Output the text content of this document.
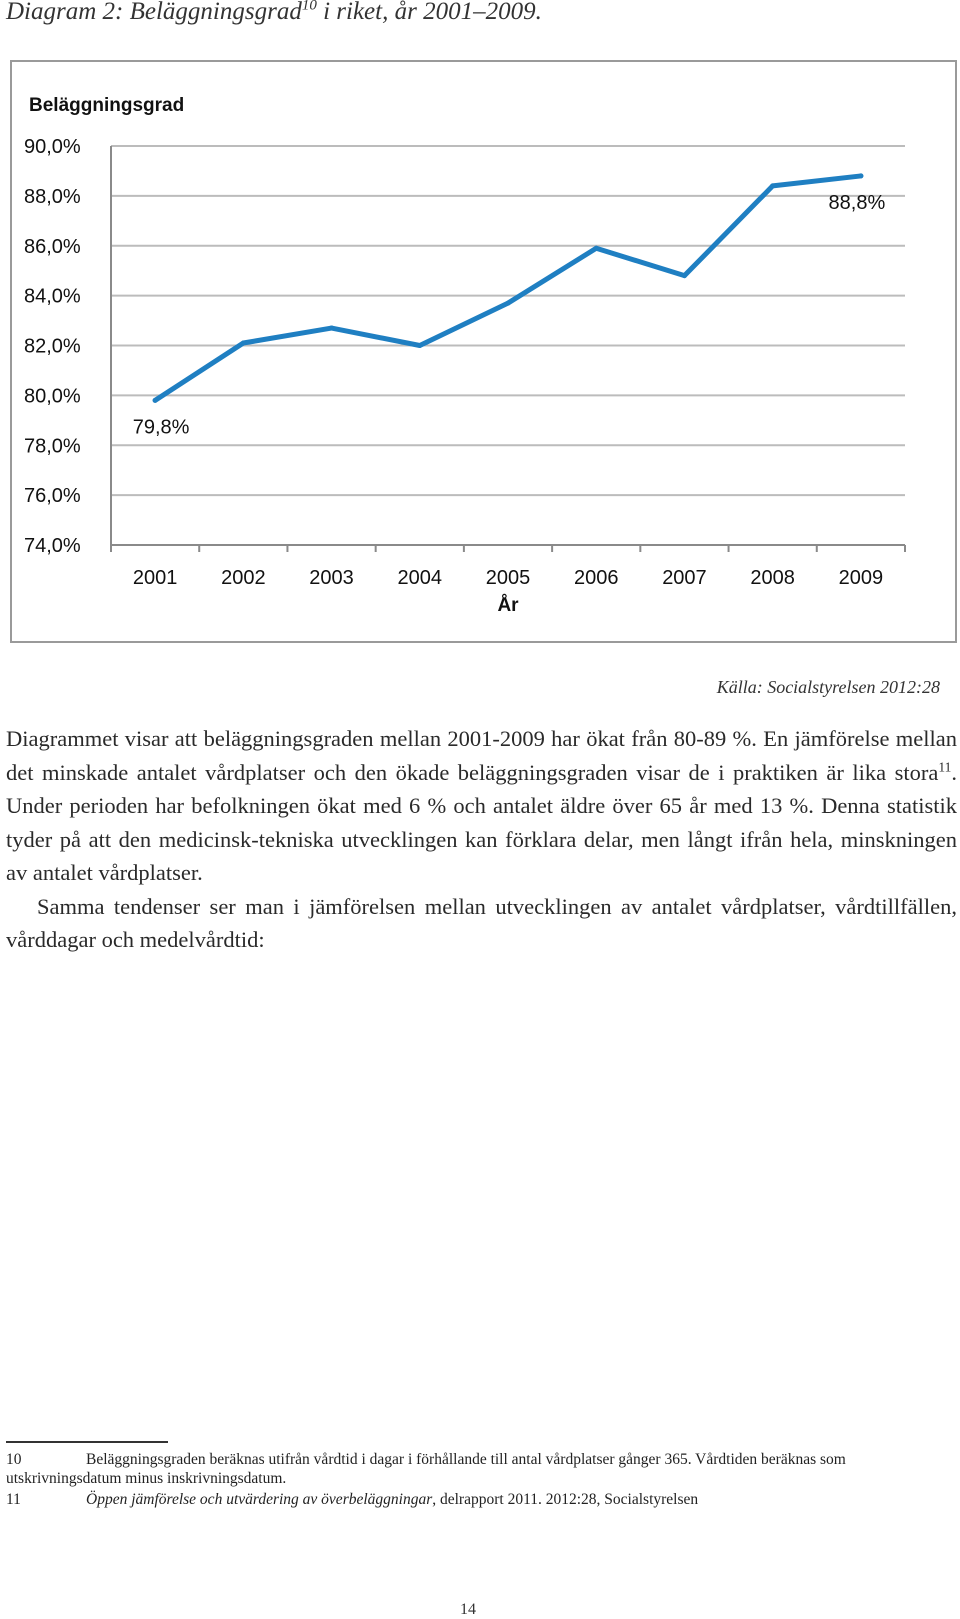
Diagram 2: Beläggningsgrad$^{10}$ i riket, år 2001–2009.
Beläggningsgrad
74,0%
76,0%
78,0%
80,0%
82,0%
84,0%
86,0%
88,0%
90,0%
2001 2002 2003 2004 2005 2006 2007 2008 2009
År
79,8%
88,8%
Källa: Socialstyrelsen 2012:28

Diagrammet visar att beläggningsgraden mellan 2001-2009 har ökat från 80-89 %. En jämförelse mellan det minskade antalet vårdplatser och den ökade beläggningsgraden visar de i praktiken är lika stora$^{11}$. Under perioden har befolkningen ökat med 6 % och antalet äldre över 65 år med 13 %. Denna statistik tyder på att den medicinsk-tekniska utvecklingen kan förklara delar, men långt ifrån hela, minskningen av antalet vårdplatser.

Samma tendenser ser man i jämförelsen mellan utvecklingen av antalet vårdplatser, vårdtillfällen, vårddagar och medelvårdtid:

10	Beläggningsgraden beräknas utifrån vårdtid i dagar i förhållande till antal vårdplatser gånger 365. Vårdtiden beräknas som utskrivningsdatum minus inskrivningsdatum.
11	Öppen jämförelse och utvärdering av överbeläggningar, delrapport 2011. 2012:28, Socialstyrelsen
14
